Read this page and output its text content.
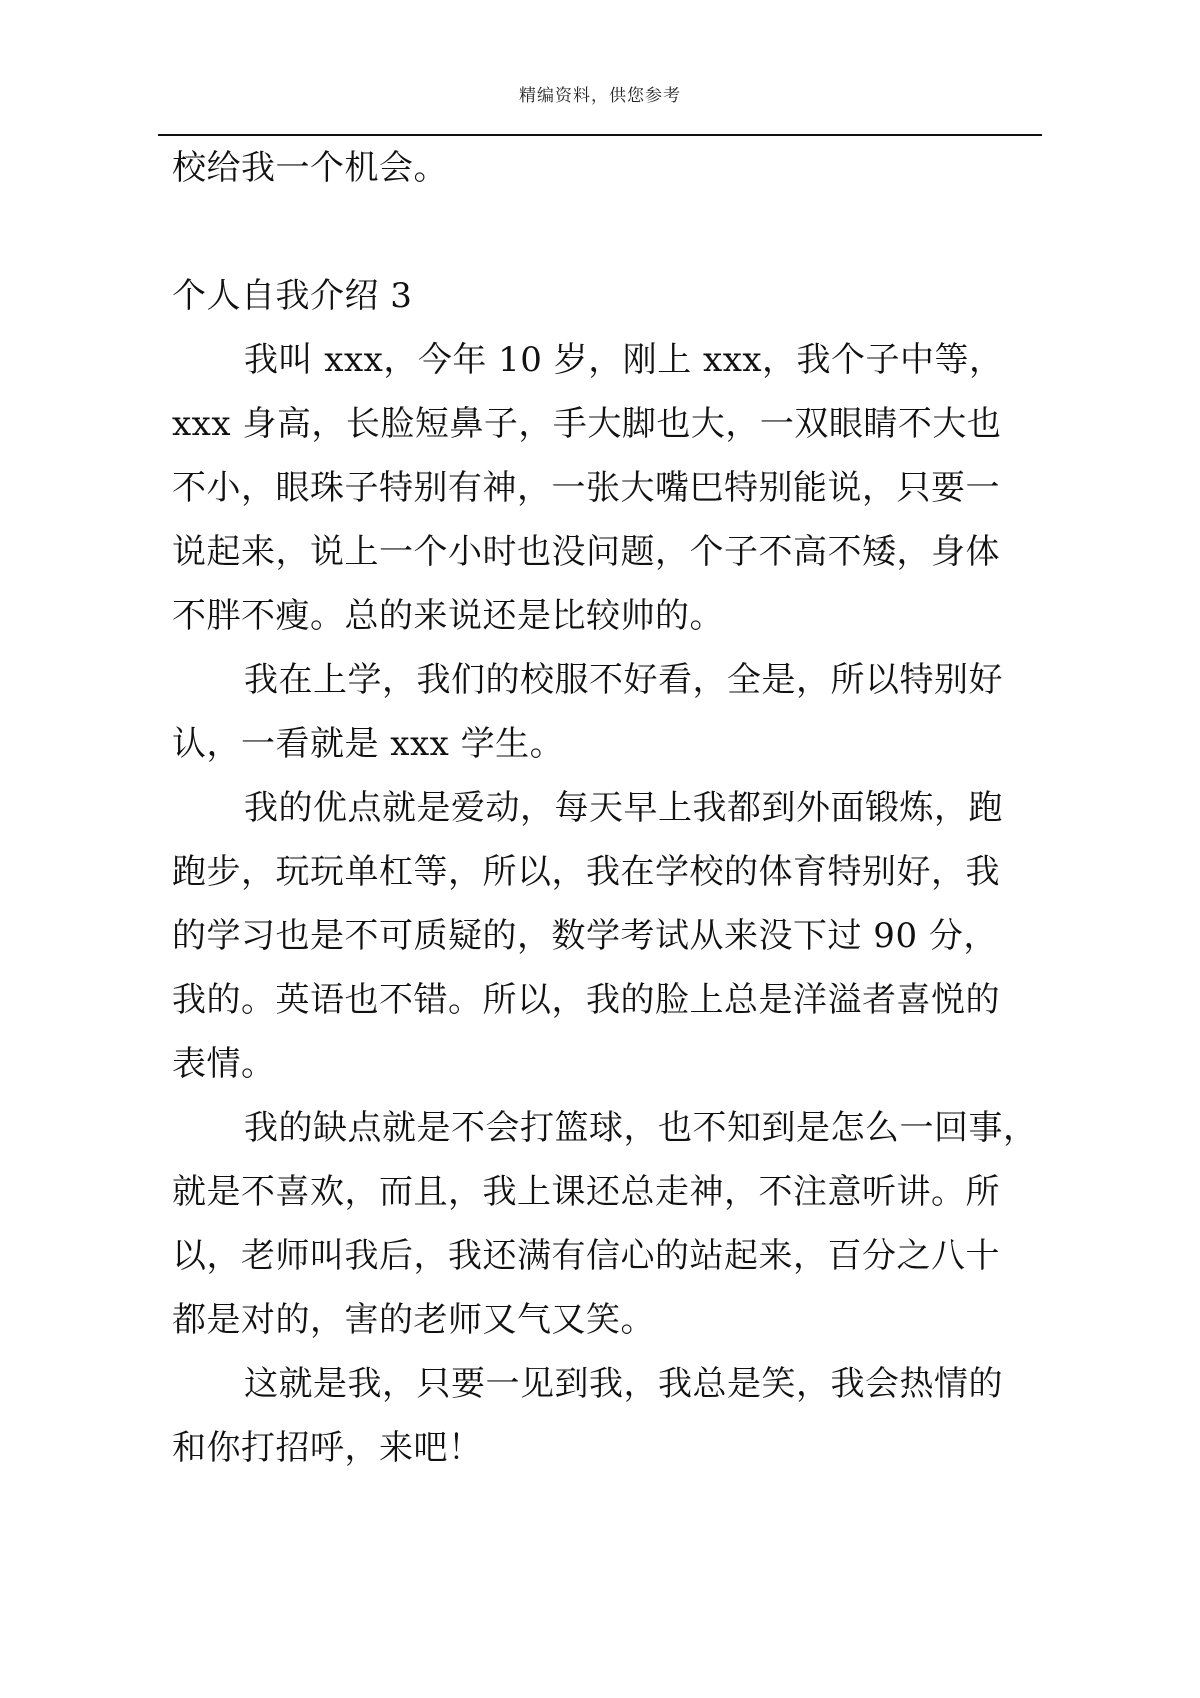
精编资料，供您参考
校给我一个机会。
个人自我介绍 3
我叫 xxx，今年 10 岁，刚上 xxx，我个子中等，
xxx 身高，长脸短鼻子，手大脚也大，一双眼睛不大也
不小，眼珠子特别有神，一张大嘴巴特别能说，只要一
说起来，说上一个小时也没问题，个子不高不矮，身体
不胖不瘦。总的来说还是比较帅的。
我在上学，我们的校服不好看，全是，所以特别好
认，一看就是 xxx 学生。
我的优点就是爱动，每天早上我都到外面锻炼，跑
跑步，玩玩单杠等，所以，我在学校的体育特别好，我
的学习也是不可质疑的，数学考试从来没下过 90 分，
我的。英语也不错。所以，我的脸上总是洋溢者喜悦的
表情。
我的缺点就是不会打篮球，也不知到是怎么一回事，
就是不喜欢，而且，我上课还总走神，不注意听讲。所
以，老师叫我后，我还满有信心的站起来，百分之八十
都是对的，害的老师又气又笑。
这就是我，只要一见到我，我总是笑，我会热情的
和你打招呼，来吧！
